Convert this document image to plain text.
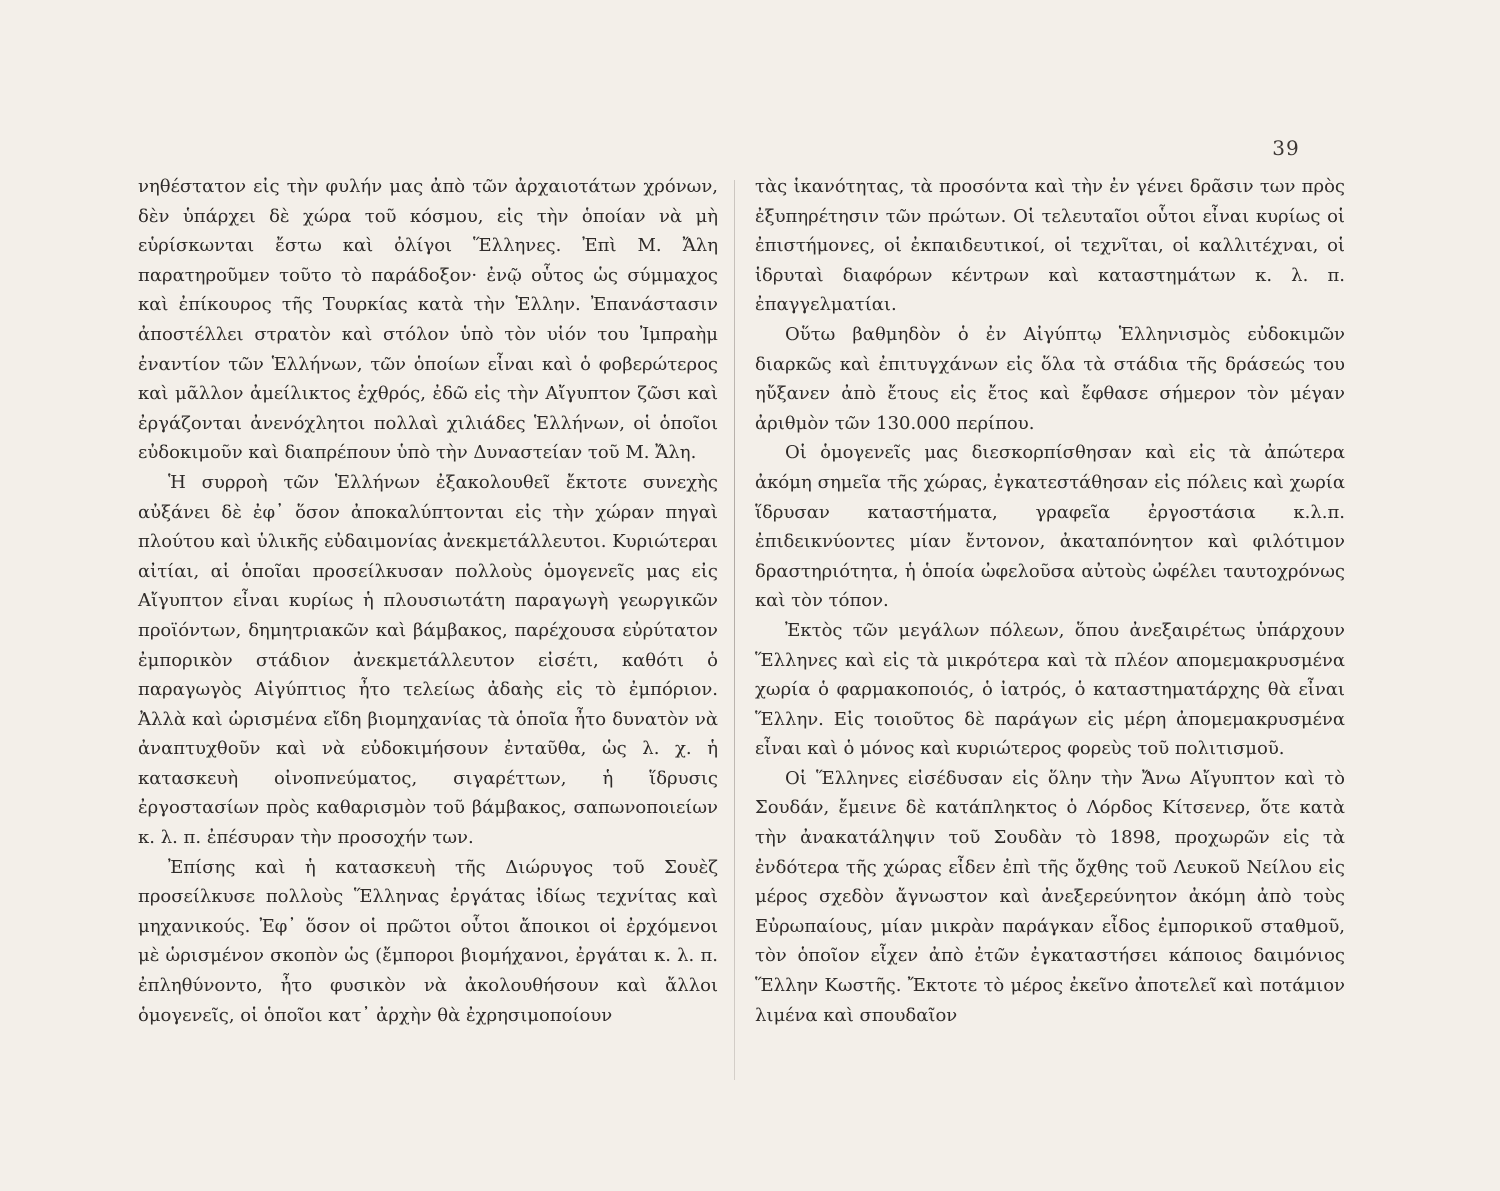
39

νηθέστατον εἰς τὴν φυλήν μας ἀπὸ τῶν ἀρχαιοτάτων χρόνων, δὲν ὑπάρχει δὲ χώρα τοῦ κόσμου, εἰς τὴν ὁποίαν νὰ μὴ εὑρίσκωνται ἔστω καὶ ὀλίγοι Ἕλληνες. Ἐπὶ Μ. Ἄλη παρατηροῦμεν τοῦτο τὸ παράδοξον· ἐνῷ οὗτος ὡς σύμμαχος καὶ ἐπίκουρος τῆς Τουρκίας κατὰ τὴν Ἑλλην. Ἐπανάστασιν ἀποστέλλει στρατὸν καὶ στόλον ὑπὸ τὸν υἱόν του Ἰμπραὴμ ἐναντίον τῶν Ἑλλήνων, τῶν ὁποίων εἶναι καὶ ὁ φοβερώτερος καὶ μᾶλλον ἀμείλικτος ἐχθρός, ἐδῶ εἰς τὴν Αἴγυπτον ζῶσι καὶ ἐργάζονται ἀνενόχλητοι πολλαὶ χιλιάδες Ἑλλήνων, οἱ ὁποῖοι εὐδοκιμοῦν καὶ διαπρέπουν ὑπὸ τὴν Δυναστείαν τοῦ Μ. Ἄλη.

Ἡ συρροὴ τῶν Ἑλλήνων ἐξακολουθεῖ ἔκτοτε συνεχὴς αὐξάνει δὲ ἐφ᾽ ὅσον ἀποκαλύπτονται εἰς τὴν χώραν πηγαὶ πλούτου καὶ ὑλικῆς εὐδαιμονίας ἀνεκμετάλλευτοι. Κυριώτεραι αἰτίαι, αἱ ὁποῖαι προσείλκυσαν πολλοὺς ὁμογενεῖς μας εἰς Αἴγυπτον εἶναι κυρίως ἡ πλουσιωτάτη παραγωγὴ γεωργικῶν προϊόντων, δημητριακῶν καὶ βάμβακος, παρέχουσα εὐρύτατον ἐμπορικὸν στάδιον ἀνεκμετάλλευτον εἰσέτι, καθότι ὁ παραγωγὸς Αἰγύπτιος ἦτο τελείως ἀδαὴς εἰς τὸ ἐμπόριον. Ἀλλὰ καὶ ὡρισμένα εἴδη βιομηχανίας τὰ ὁποῖα ἦτο δυνατὸν νὰ ἀναπτυχθοῦν καὶ νὰ εὐδοκιμήσουν ἐνταῦθα, ὡς λ. χ. ἡ κατασκευὴ οἰνοπνεύματος, σιγαρέττων, ἡ ἵδρυσις ἐργοστασίων πρὸς καθαρισμὸν τοῦ βάμβακος, σαπωνοποιείων κ. λ. π. ἐπέσυραν τὴν προσοχήν των.

Ἐπίσης καὶ ἡ κατασκευὴ τῆς Διώρυγος τοῦ Σουὲζ προσείλκυσε πολλοὺς Ἕλληνας ἐργάτας ἰδίως τεχνίτας καὶ μηχανικούς. Ἐφ᾽ ὅσον οἱ πρῶτοι οὗτοι ἄποικοι οἱ ἐρχόμενοι μὲ ὡρισμένον σκοπὸν ὡς (ἔμποροι βιομήχανοι, ἐργάται κ. λ. π. ἐπληθύνοντο, ἦτο φυσικὸν νὰ ἀκολουθήσουν καὶ ἄλλοι ὁμογενεῖς, οἱ ὁποῖοι κατ᾽ ἀρχὴν θὰ ἐχρησιμοποίουν

τὰς ἱκανότητας, τὰ προσόντα καὶ τὴν ἐν γένει δρᾶσιν των πρὸς ἐξυπηρέτησιν τῶν πρώτων. Οἱ τελευταῖοι οὗτοι εἶναι κυρίως οἱ ἐπιστήμονες, οἱ ἐκπαιδευτικοί, οἱ τεχνῖται, οἱ καλλιτέχναι, οἱ ἱδρυταὶ διαφόρων κέντρων καὶ καταστημάτων κ. λ. π. ἐπαγγελματίαι.

Οὕτω βαθμηδὸν ὁ ἐν Αἰγύπτῳ Ἑλληνισμὸς εὐδοκιμῶν διαρκῶς καὶ ἐπιτυγχάνων εἰς ὅλα τὰ στάδια τῆς δράσεώς του ηὔξανεν ἀπὸ ἔτους εἰς ἔτος καὶ ἔφθασε σήμερον τὸν μέγαν ἀριθμὸν τῶν 130.000 περίπου.

Οἱ ὁμογενεῖς μας διεσκορπίσθησαν καὶ εἰς τὰ ἀπώτερα ἀκόμη σημεῖα τῆς χώρας, ἐγκατεστάθησαν εἰς πόλεις καὶ χωρία ἵδρυσαν καταστήματα, γραφεῖα ἐργοστάσια κ.λ.π. ἐπιδεικνύοντες μίαν ἔντονον, ἀκαταπόνητον καὶ φιλότιμον δραστηριότητα, ἡ ὁποία ὠφελοῦσα αὐτοὺς ὠφέλει ταυτοχρόνως καὶ τὸν τόπον.

Ἐκτὸς τῶν μεγάλων πόλεων, ὅπου ἀνεξαιρέτως ὑπάρχουν Ἕλληνες καὶ εἰς τὰ μικρότερα καὶ τὰ πλέον απομεμακρυσμένα χωρία ὁ φαρμακοποιός, ὁ ἰατρός, ὁ καταστηματάρχης θὰ εἶναι Ἕλλην. Εἰς τοιοῦτος δὲ παράγων εἰς μέρη ἀπομεμακρυσμένα εἶναι καὶ ὁ μόνος καὶ κυριώτερος φορεὺς τοῦ πολιτισμοῦ.

Οἱ Ἕλληνες εἰσέδυσαν εἰς ὅλην τὴν Ἄνω Αἴγυπτον καὶ τὸ Σουδάν, ἔμεινε δὲ κατάπληκτος ὁ Λόρδος Κίτσενερ, ὅτε κατὰ τὴν ἀνακατάληψιν τοῦ Σουδὰν τὸ 1898, προχωρῶν εἰς τὰ ἐνδότερα τῆς χώρας εἶδεν ἐπὶ τῆς ὄχθης τοῦ Λευκοῦ Νείλου εἰς μέρος σχεδὸν ἄγνωστον καὶ ἀνεξερεύνητον ἀκόμη ἀπὸ τοὺς Εὐρωπαίους, μίαν μικρὰν παράγκαν εἶδος ἐμπορικοῦ σταθμοῦ, τὸν ὁποῖον εἶχεν ἀπὸ ἐτῶν ἐγκαταστήσει κάποιος δαιμόνιος Ἕλλην Κωστῆς. Ἔκτοτε τὸ μέρος ἐκεῖνο ἀποτελεῖ καὶ ποτάμιον λιμένα καὶ σπουδαῖον
